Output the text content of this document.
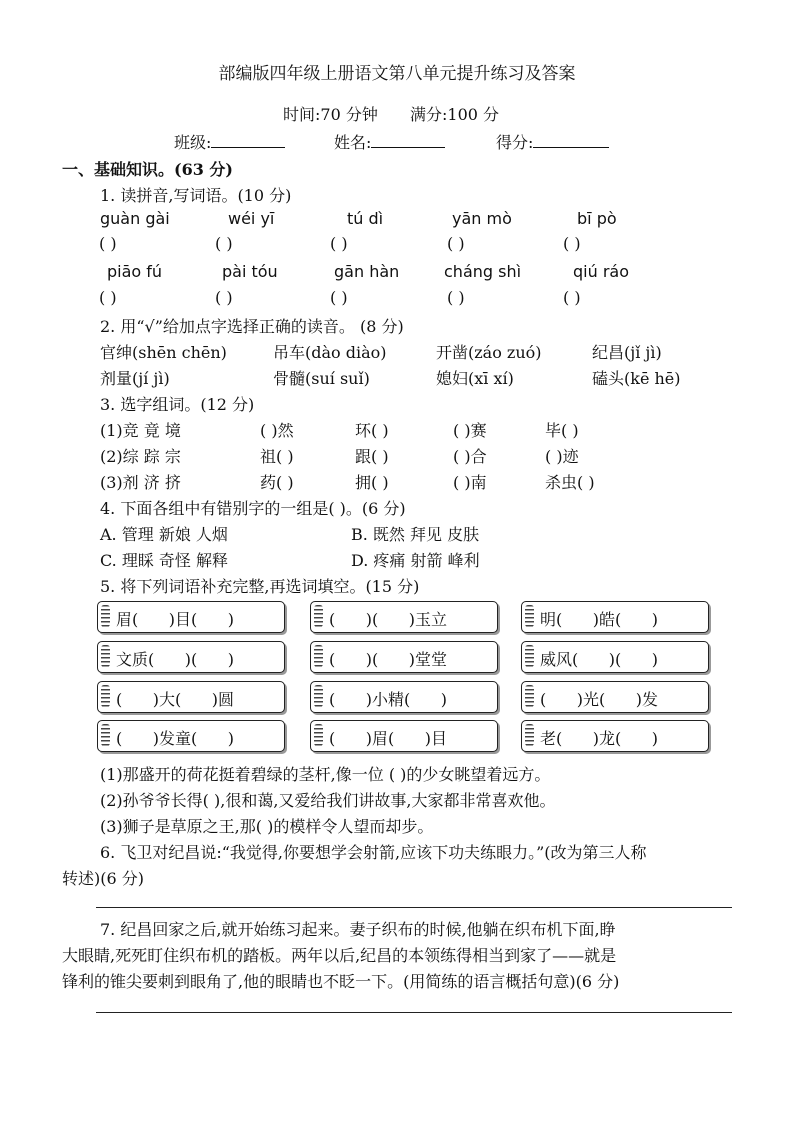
部编版四年级上册语文第八单元提升练习及答案
时间:70 分钟 满分:100 分
班级:	姓名:	得分:
一、基础知识。(63 分)
1. 读拼音,写词语。(10 分)
guàn gài	wéi yī	tú dì	yān mò	bī pò
( )	( )	( )	( )	( )
piāo fú	pài tóu	gān hàn	cháng shì	qiú ráo
( )	( )	( )	( )	( )
2. 用“√”给加点字选择正确的读音。 (8 分)
官绅(shēn chēn)	吊车(dào diào)	开凿(záo zuó)	纪昌(jǐ jì)
剂量(jí jì)	骨髓(suí suǐ)	媳妇(xī xí)	磕头(kē hē)
3. 选字组词。(12 分)
(1)竞 竟 境	( )然	环( )	( )赛	毕( )
(2)综 踪 宗	祖( )	跟( )	( )合	( )迹
(3)剂 济 挤	药( )	拥( )	( )南	杀虫( )
4. 下面各组中有错别字的一组是( )。(6 分)
A. 管理 新娘 人烟	B. 既然 拜见 皮肤
C. 理睬 奇怪 解释	D. 疼痛 射箭 峰利
5. 将下列词语补充完整,再选词填空。(15 分)
眉(      )目(      )	(      )(      )玉立	明(      )皓(      )
文质(      )(      )	(      )(      )堂堂	威风(      )(      )
(      )大(      )圆	(      )小精(      )	(      )光(      )发
(      )发童(      )	(      )眉(      )目	老(      )龙(      )
(1)那盛开的荷花挺着碧绿的茎杆,像一位 ( )的少女眺望着远方。
(2)孙爷爷长得( ),很和蔼,又爱给我们讲故事,大家都非常喜欢他。
(3)狮子是草原之王,那( )的模样令人望而却步。
6. 飞卫对纪昌说:“我觉得,你要想学会射箭,应该下功夫练眼力。”(改为第三人称
转述)(6 分)
7. 纪昌回家之后,就开始练习起来。妻子织布的时候,他躺在织布机下面,睁
大眼睛,死死盯住织布机的踏板。两年以后,纪昌的本领练得相当到家了——就是
锋利的锥尖要刺到眼角了,他的眼睛也不眨一下。(用简练的语言概括句意)(6 分)
